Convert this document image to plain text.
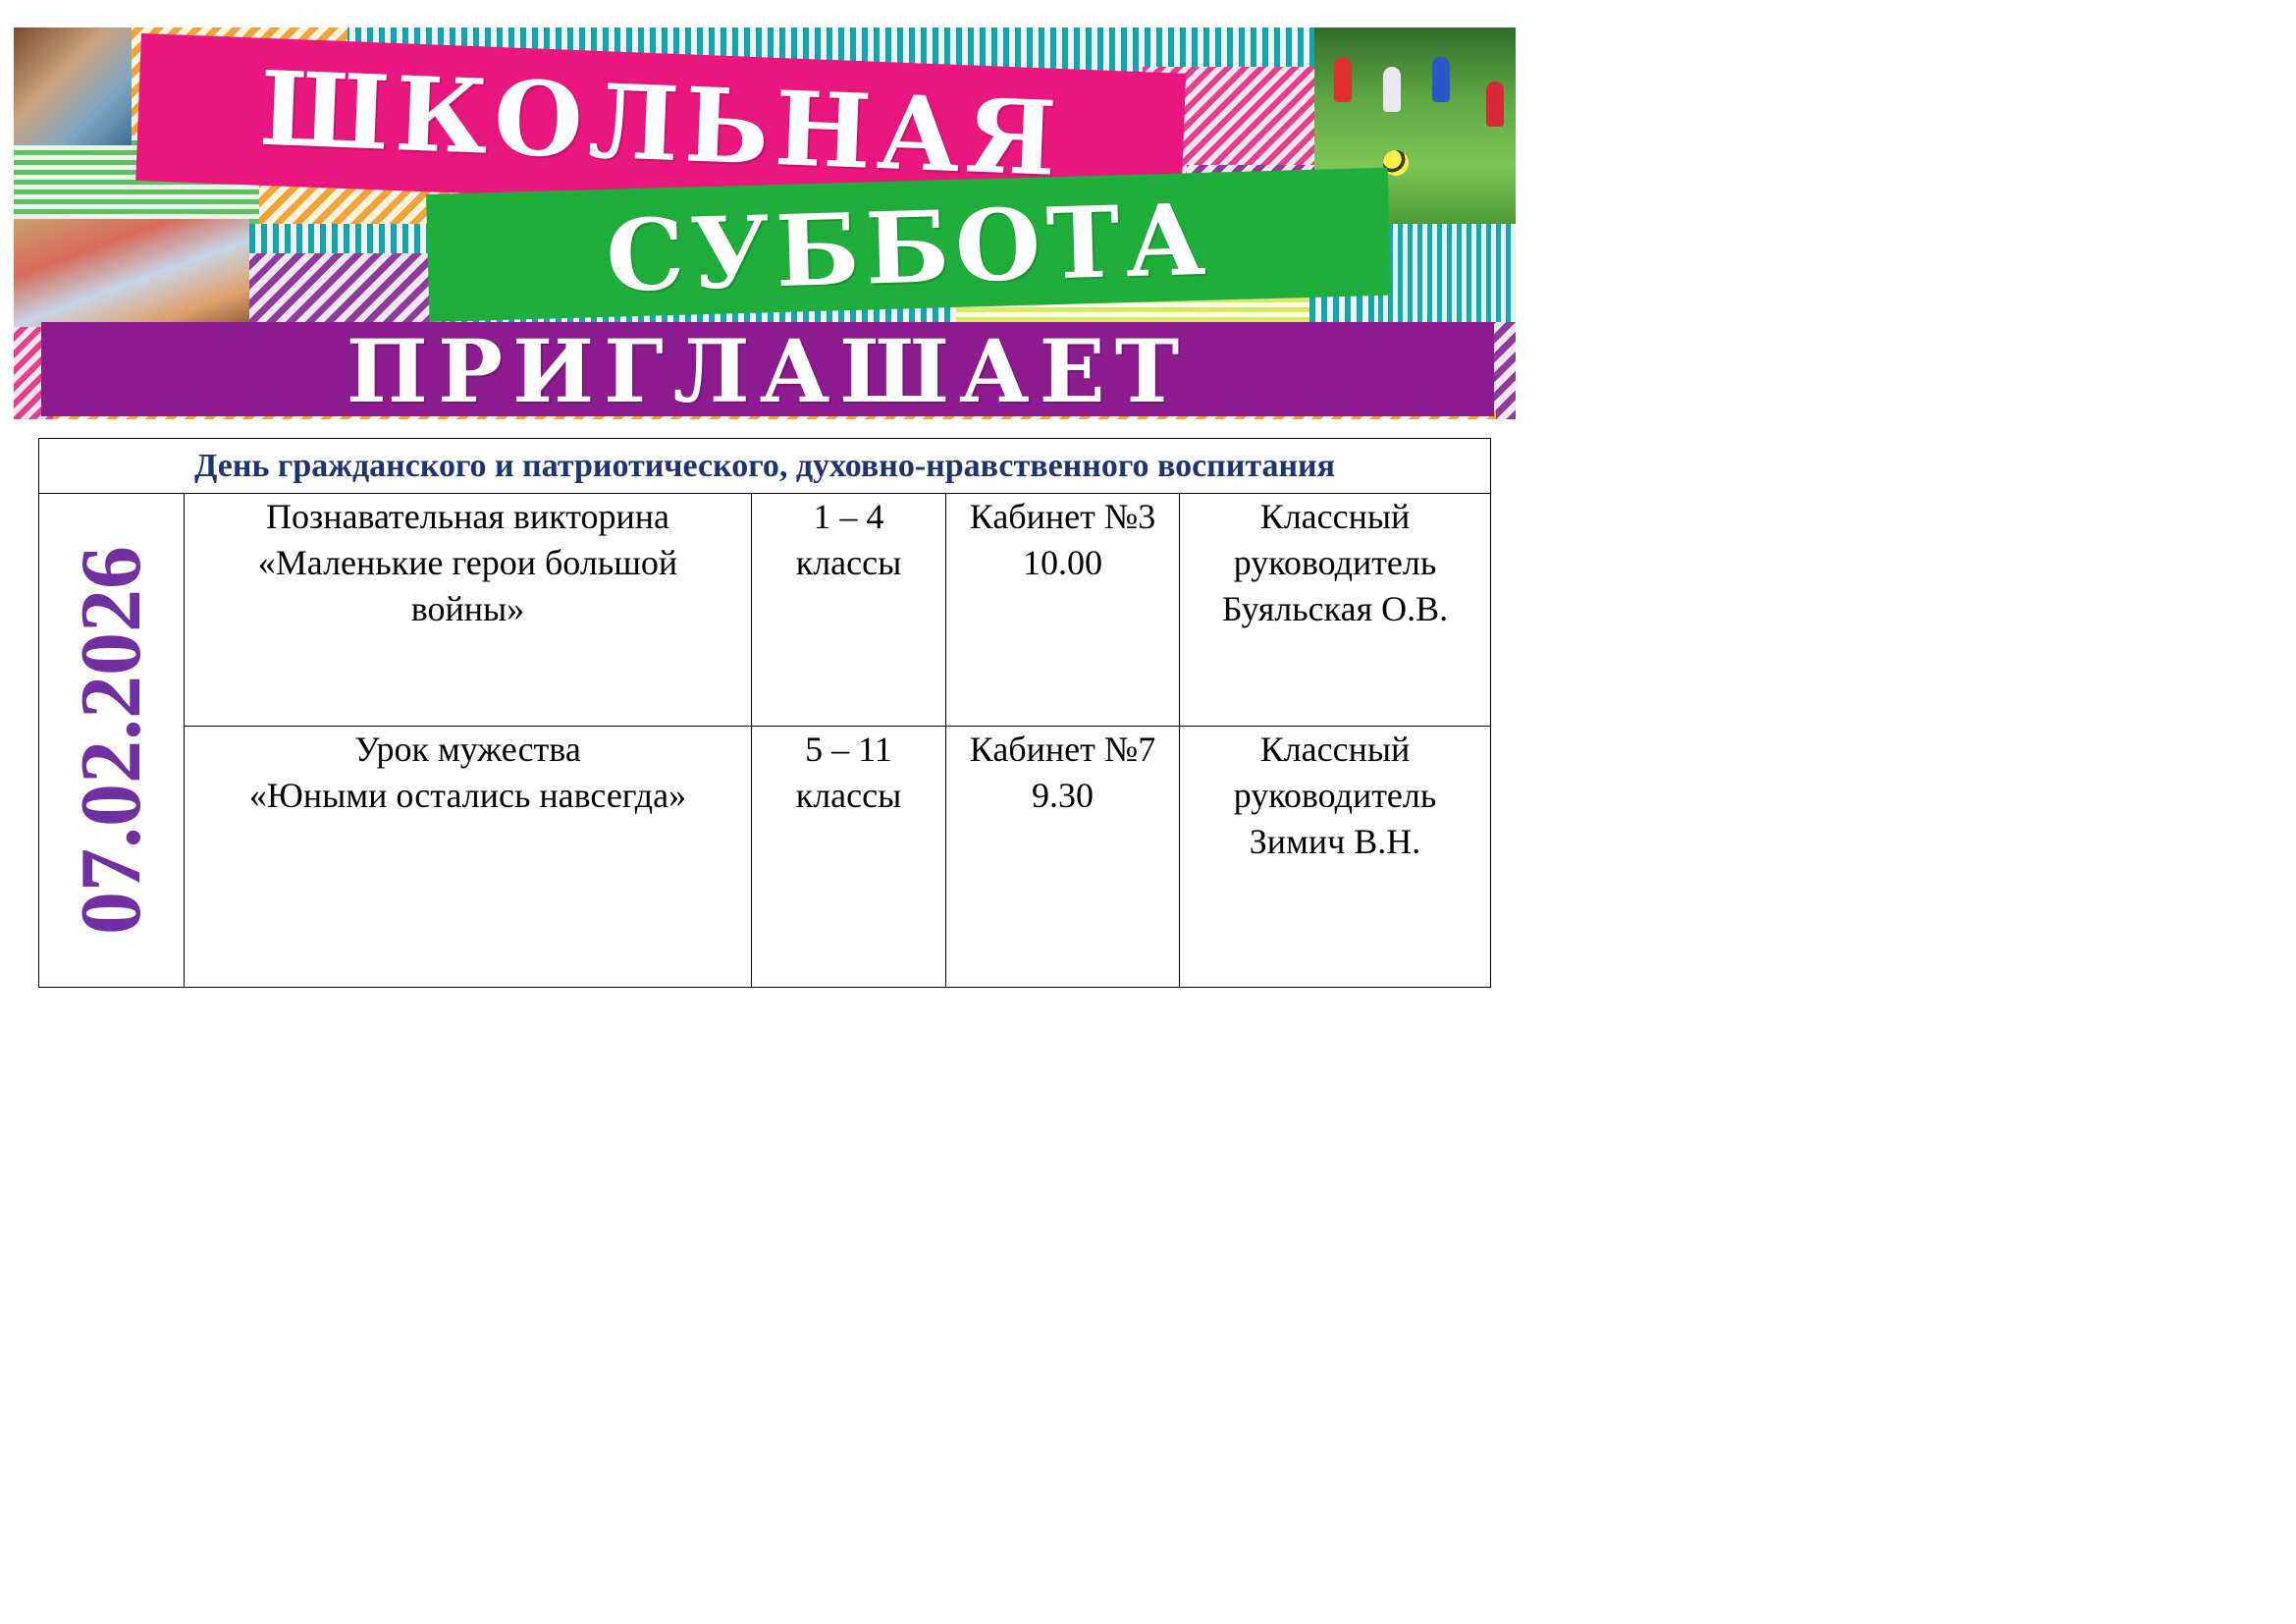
ШКОЛЬНАЯ
СУББОТА
ПРИГЛАШАЕТ
День гражданского и патриотического, духовно-нравственного воспитания				

07.02.2026	Познавательная викторина
«Маленькие герои большой
войны»	1 – 4
классы	Кабинет №3
10.00	Классный
руководитель
Буяльская О.В.

	Урок мужества
«Юными остались навсегда»	5 – 11
классы	Кабинет №7
9.30	Классный
руководитель
Зимич В.Н.
